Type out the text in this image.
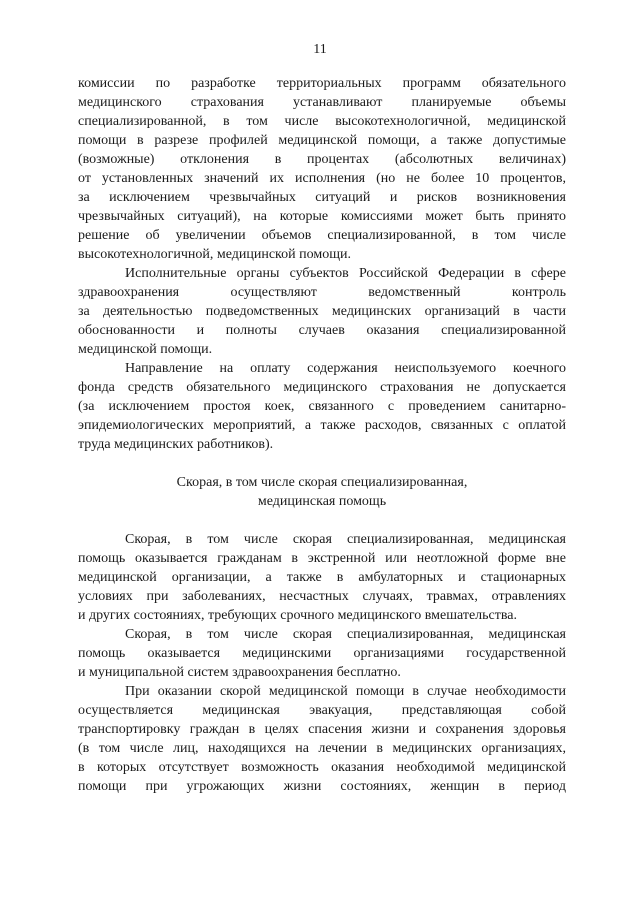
11
комиссии по разработке территориальных программ обязательного
медицинского страхования устанавливают планируемые объемы
специализированной, в том числе высокотехнологичной, медицинской
помощи в разрезе профилей медицинской помощи, а также допустимые
(возможные) отклонения в процентах (абсолютных величинах)
от установленных значений их исполнения (но не более 10 процентов,
за исключением чрезвычайных ситуаций и рисков возникновения
чрезвычайных ситуаций), на которые комиссиями может быть принято
решение об увеличении объемов специализированной, в том числе
высокотехнологичной, медицинской помощи.
Исполнительные органы субъектов Российской Федерации в сфере
здравоохранения осуществляют ведомственный контроль
за деятельностью подведомственных медицинских организаций в части
обоснованности и полноты случаев оказания специализированной
медицинской помощи.
Направление на оплату содержания неиспользуемого коечного
фонда средств обязательного медицинского страхования не допускается
(за исключением простоя коек, связанного с проведением санитарно-
эпидемиологических мероприятий, а также расходов, связанных с оплатой
труда медицинских работников).
Скорая, в том числе скорая специализированная,
медицинская помощь
Скорая, в том числе скорая специализированная, медицинская
помощь оказывается гражданам в экстренной или неотложной форме вне
медицинской организации, а также в амбулаторных и стационарных
условиях при заболеваниях, несчастных случаях, травмах, отравлениях
и других состояниях, требующих срочного медицинского вмешательства.
Скорая, в том числе скорая специализированная, медицинская
помощь оказывается медицинскими организациями государственной
и муниципальной систем здравоохранения бесплатно.
При оказании скорой медицинской помощи в случае необходимости
осуществляется медицинская эвакуация, представляющая собой
транспортировку граждан в целях спасения жизни и сохранения здоровья
(в том числе лиц, находящихся на лечении в медицинских организациях,
в которых отсутствует возможность оказания необходимой медицинской
помощи при угрожающих жизни состояниях, женщин в период
